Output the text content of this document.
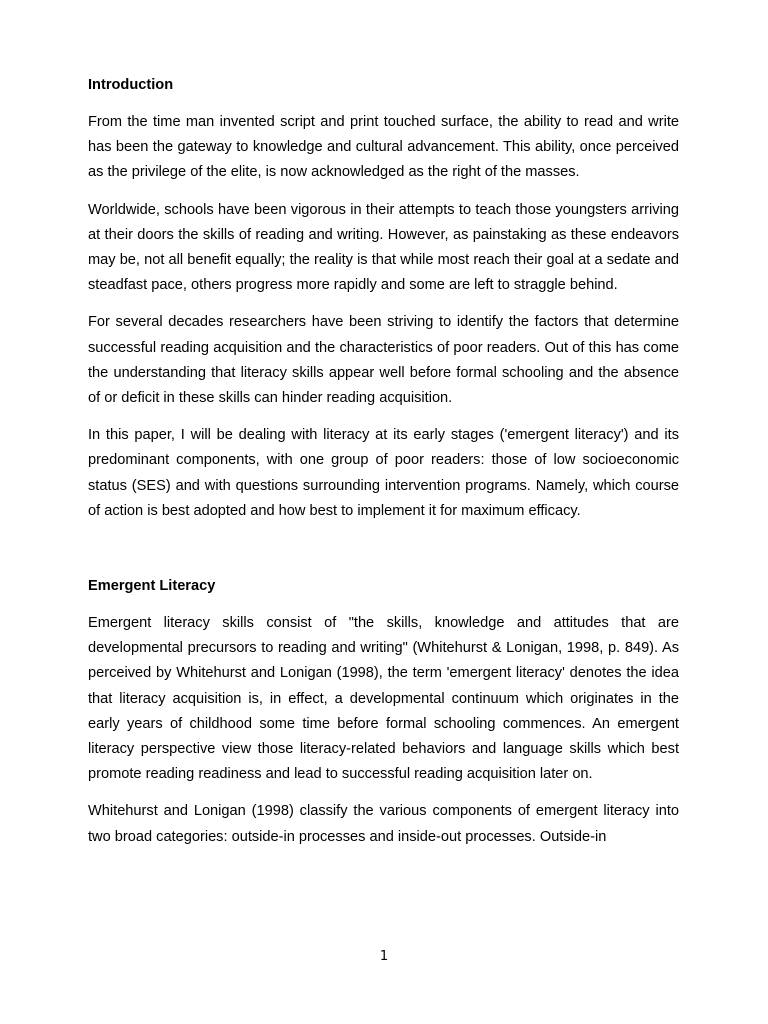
Introduction

From the time man invented script and print touched surface, the ability to read and write has been the gateway to knowledge and cultural advancement. This ability, once perceived as the privilege of the elite, is now acknowledged as the right of the masses.

Worldwide, schools have been vigorous in their attempts to teach those youngsters arriving at their doors the skills of reading and writing. However, as painstaking as these endeavors may be, not all benefit equally; the reality is that while most reach their goal at a sedate and steadfast pace, others progress more rapidly and some are left to straggle behind.

For several decades researchers have been striving to identify the factors that determine successful reading acquisition and the characteristics of poor readers. Out of this has come the understanding that literacy skills appear well before formal schooling and the absence of or deficit in these skills can hinder reading acquisition.

In this paper, I will be dealing with literacy at its early stages ('emergent literacy') and its predominant components, with one group of poor readers: those of low socioeconomic status (SES) and with questions surrounding intervention programs. Namely, which course of action is best adopted and how best to implement it for maximum efficacy.

Emergent Literacy

Emergent literacy skills consist of "the skills, knowledge and attitudes that are developmental precursors to reading and writing" (Whitehurst & Lonigan, 1998, p. 849). As perceived by Whitehurst and Lonigan (1998), the term 'emergent literacy' denotes the idea that literacy acquisition is, in effect, a developmental continuum which originates in the early years of childhood some time before formal schooling commences. An emergent literacy perspective view those literacy-related behaviors and language skills which best promote reading readiness and lead to successful reading acquisition later on.

Whitehurst and Lonigan (1998) classify the various components of emergent literacy into two broad categories: outside-in processes and inside-out processes. Outside-in

1
